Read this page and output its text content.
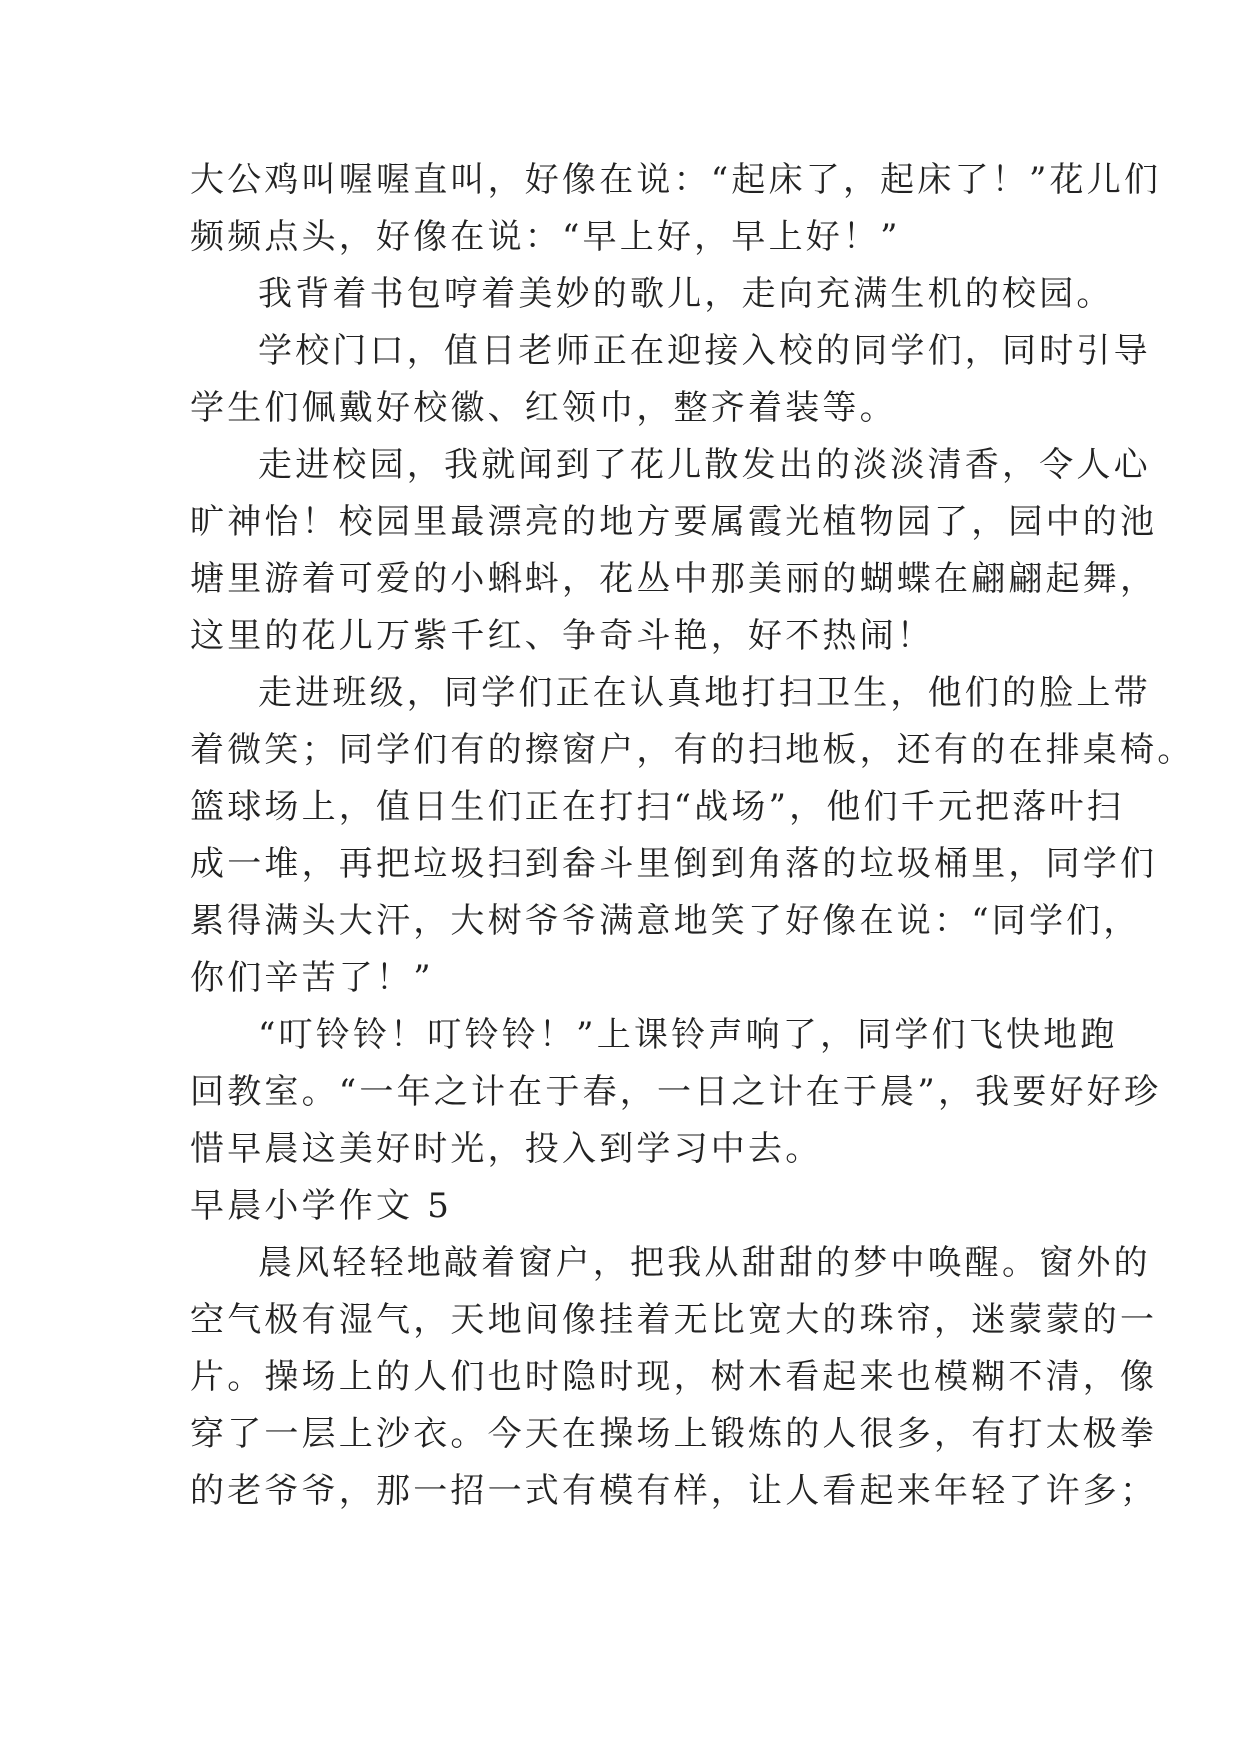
大公鸡叫喔喔直叫，好像在说：“起床了，起床了！”花儿们
频频点头，好像在说：“早上好，早上好！”
我背着书包哼着美妙的歌儿，走向充满生机的校园。
学校门口，值日老师正在迎接入校的同学们，同时引导
学生们佩戴好校徽、红领巾，整齐着装等。
走进校园，我就闻到了花儿散发出的淡淡清香，令人心
旷神怡！校园里最漂亮的地方要属霞光植物园了，园中的池
塘里游着可爱的小蝌蚪，花丛中那美丽的蝴蝶在翩翩起舞，
这里的花儿万紫千红、争奇斗艳，好不热闹！
走进班级，同学们正在认真地打扫卫生，他们的脸上带
着微笑；同学们有的擦窗户，有的扫地板，还有的在排桌椅。
篮球场上，值日生们正在打扫“战场”，他们千元把落叶扫
成一堆，再把垃圾扫到畚斗里倒到角落的垃圾桶里，同学们
累得满头大汗，大树爷爷满意地笑了好像在说：“同学们，
你们辛苦了！”
“叮铃铃！叮铃铃！”上课铃声响了，同学们飞快地跑
回教室。“一年之计在于春，一日之计在于晨”，我要好好珍
惜早晨这美好时光，投入到学习中去。
早晨小学作文 5
晨风轻轻地敲着窗户，把我从甜甜的梦中唤醒。窗外的
空气极有湿气，天地间像挂着无比宽大的珠帘，迷蒙蒙的一
片。操场上的人们也时隐时现，树木看起来也模糊不清，像
穿了一层上沙衣。今天在操场上锻炼的人很多，有打太极拳
的老爷爷，那一招一式有模有样，让人看起来年轻了许多；
